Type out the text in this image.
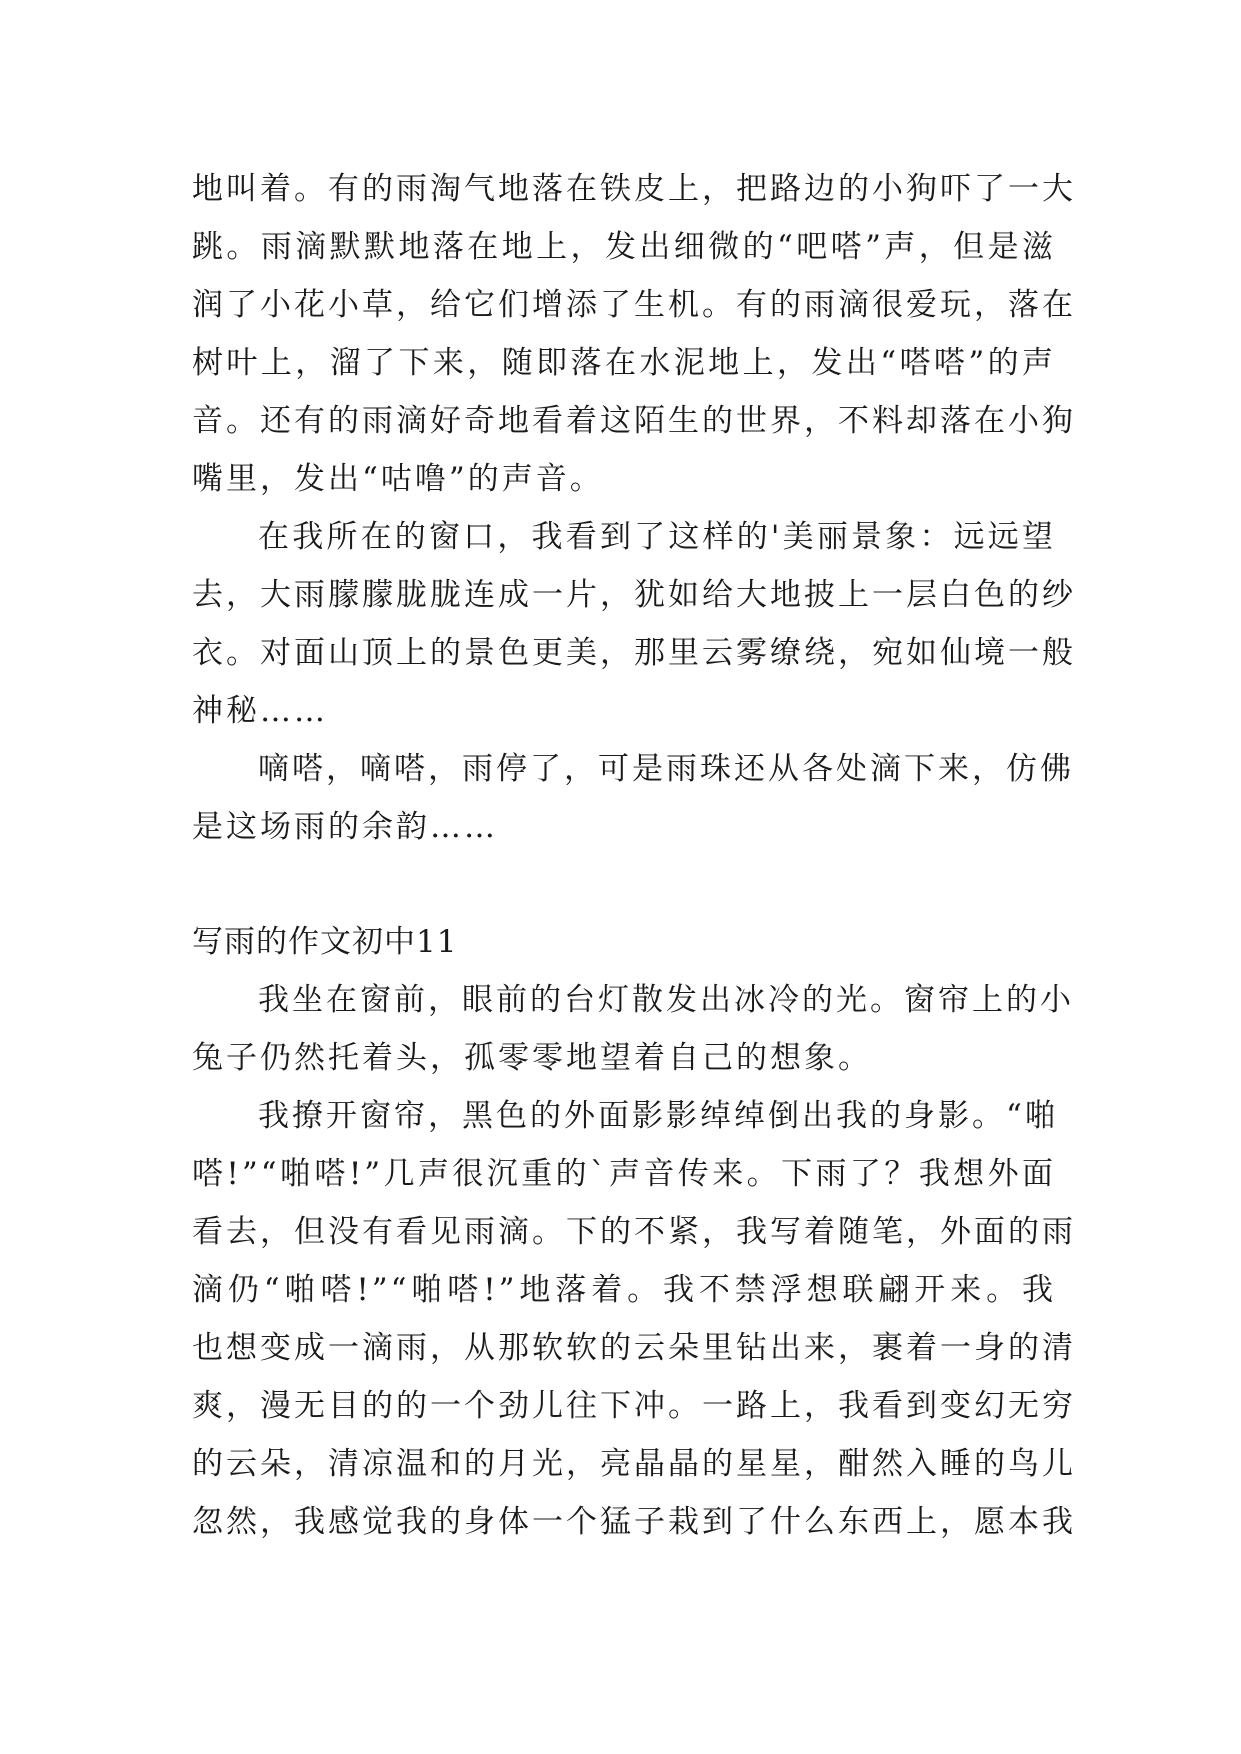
地叫着。有的雨淘气地落在铁皮上，把路边的小狗吓了一大
跳。雨滴默默地落在地上，发出细微的“吧嗒”声，但是滋
润了小花小草，给它们增添了生机。有的雨滴很爱玩，落在
树叶上，溜了下来，随即落在水泥地上，发出“嗒嗒”的声
音。还有的雨滴好奇地看着这陌生的世界，不料却落在小狗
嘴里，发出“咕噜”的声音。

在我所在的窗口，我看到了这样的'美丽景象：远远望
去，大雨朦朦胧胧连成一片，犹如给大地披上一层白色的纱
衣。对面山顶上的景色更美，那里云雾缭绕，宛如仙境一般
神秘……

嘀嗒，嘀嗒，雨停了，可是雨珠还从各处滴下来，仿佛
是这场雨的余韵……

写雨的作文初中11

我坐在窗前，眼前的台灯散发出冰冷的光。窗帘上的小
兔子仍然托着头，孤零零地望着自己的想象。

我撩开窗帘，黑色的外面影影绰绰倒出我的身影。“啪
嗒!”“啪嗒!”几声很沉重的`声音传来。下雨了？我想外面
看去，但没有看见雨滴。下的不紧，我写着随笔，外面的雨
滴仍“啪嗒!”“啪嗒!”地落着。我不禁浮想联翩开来。我
也想变成一滴雨，从那软软的云朵里钻出来，裹着一身的清
爽，漫无目的的一个劲儿往下冲。一路上，我看到变幻无穷
的云朵，清凉温和的月光，亮晶晶的星星，酣然入睡的鸟儿
忽然，我感觉我的身体一个猛子栽到了什么东西上，愿本我
